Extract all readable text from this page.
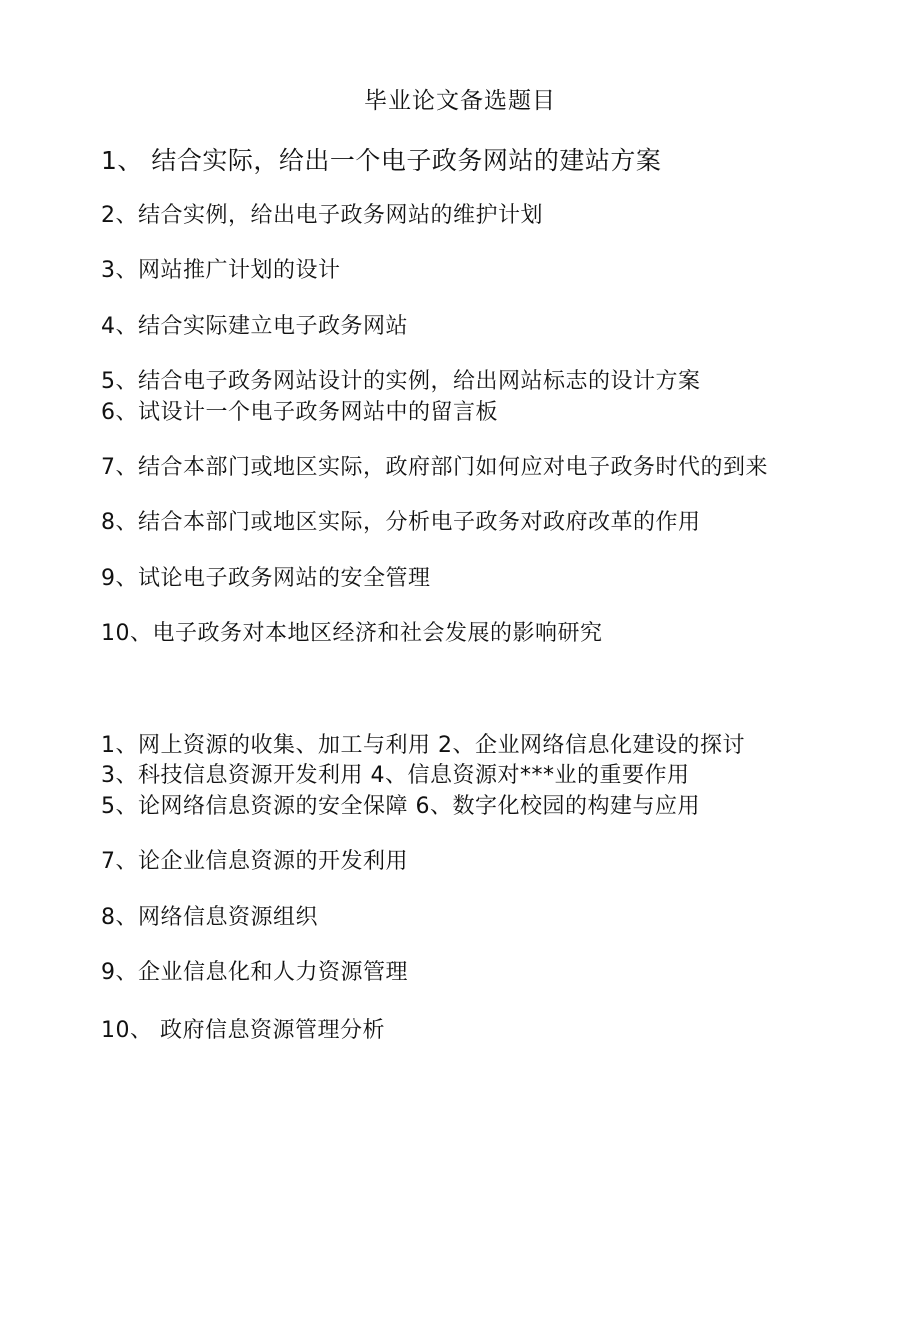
毕业论文备选题目
1、 结合实际，给出一个电子政务网站的建站方案
2、结合实例，给出电子政务网站的维护计划
3、网站推广计划的设计
4、结合实际建立电子政务网站
5、结合电子政务网站设计的实例，给出网站标志的设计方案
6、试设计一个电子政务网站中的留言板
7、结合本部门或地区实际，政府部门如何应对电子政务时代的到来
8、结合本部门或地区实际，分析电子政务对政府改革的作用
9、试论电子政务网站的安全管理
10、电子政务对本地区经济和社会发展的影响研究
1、网上资源的收集、加工与利用 2、企业网络信息化建设的探讨
3、科技信息资源开发利用 4、信息资源对***业的重要作用
5、论网络信息资源的安全保障 6、数字化校园的构建与应用
7、论企业信息资源的开发利用
8、网络信息资源组织
9、企业信息化和人力资源管理
10、 政府信息资源管理分析
